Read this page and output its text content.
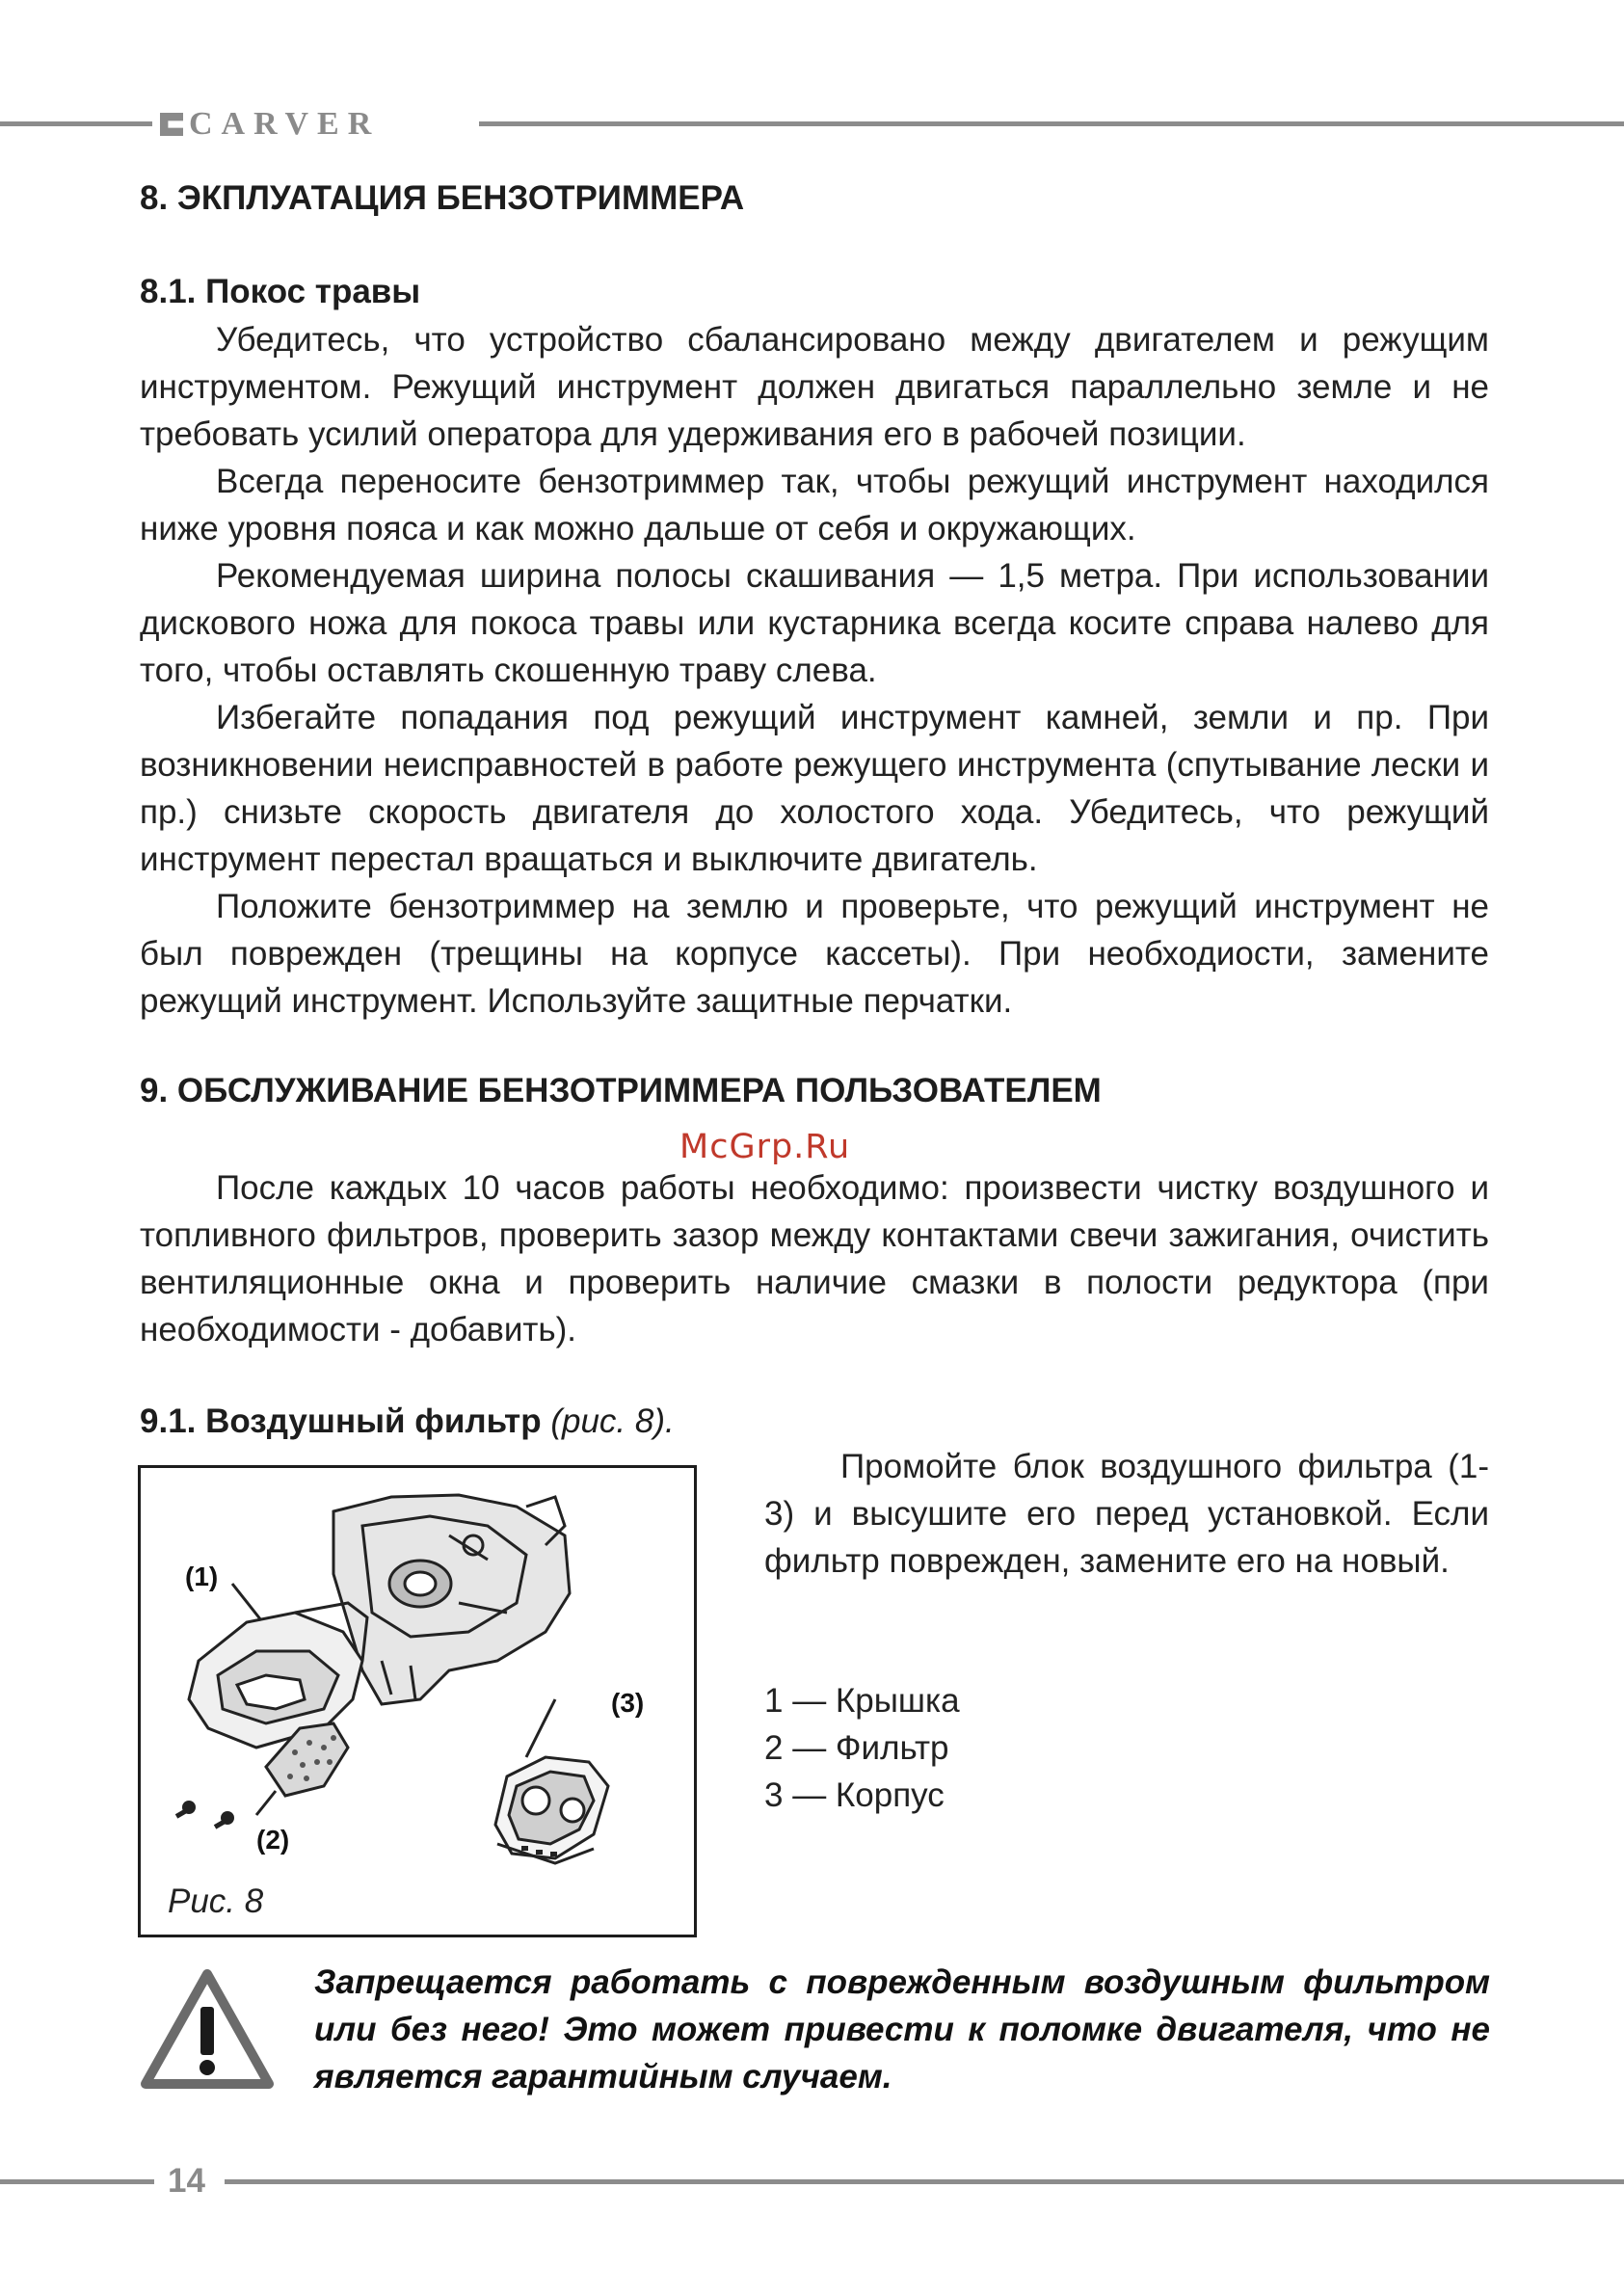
CARVER
8. ЭКПЛУАТАЦИЯ БЕНЗОТРИММЕРА
8.1. Покос травы

Убедитесь, что устройство сбалансировано между двигателем и режущим инструментом. Режущий инструмент должен двигаться параллельно земле и не требовать усилий оператора для удерживания его в рабочей позиции.

Всегда переносите бензотриммер так, чтобы режущий инструмент находился ниже уровня пояса и как можно дальше от себя и окружающих.

Рекомендуемая ширина полосы скашивания — 1,5 метра. При использовании дискового ножа для покоса травы или кустарника всегда косите справа налево для того, чтобы оставлять скошенную траву слева.

Избегайте попадания под режущий инструмент камней, земли и пр. При возникновении неисправностей в работе режущего инструмента (спутывание лески и пр.) снизьте скорость двигателя до холостого хода. Убедитесь, что режущий инструмент перестал вращаться и выключите двигатель.

Положите бензотриммер на землю и проверьте, что режущий инструмент не был поврежден (трещины на корпусе кассеты). При необходиости, замените режущий инструмент. Используйте защитные перчатки.

9. ОБСЛУЖИВАНИЕ БЕНЗОТРИММЕРА ПОЛЬЗОВАТЕЛЕМ
McGrp.Ru

После каждых 10 часов работы необходимо: произвести чистку воздушного и топливного фильтров, проверить зазор между контактами свечи зажигания, очистить вентиляционные окна и проверить наличие смазки в полости редуктора (при необходимости - добавить).

9.1. Воздушный фильтр (рис. 8).
(1)
(2)
(3)
Рис. 8

Промойте блок воздушного фильтра (1-3) и высушите его перед установкой. Если фильтр поврежден, замените его на новый.

1 — Крышка
2 — Фильтр
3 — Корпус

Запрещается работать с поврежденным воздушным фильтром или без него! Это может привести к поломке двигателя, что не является гарантийным случаем.

14
